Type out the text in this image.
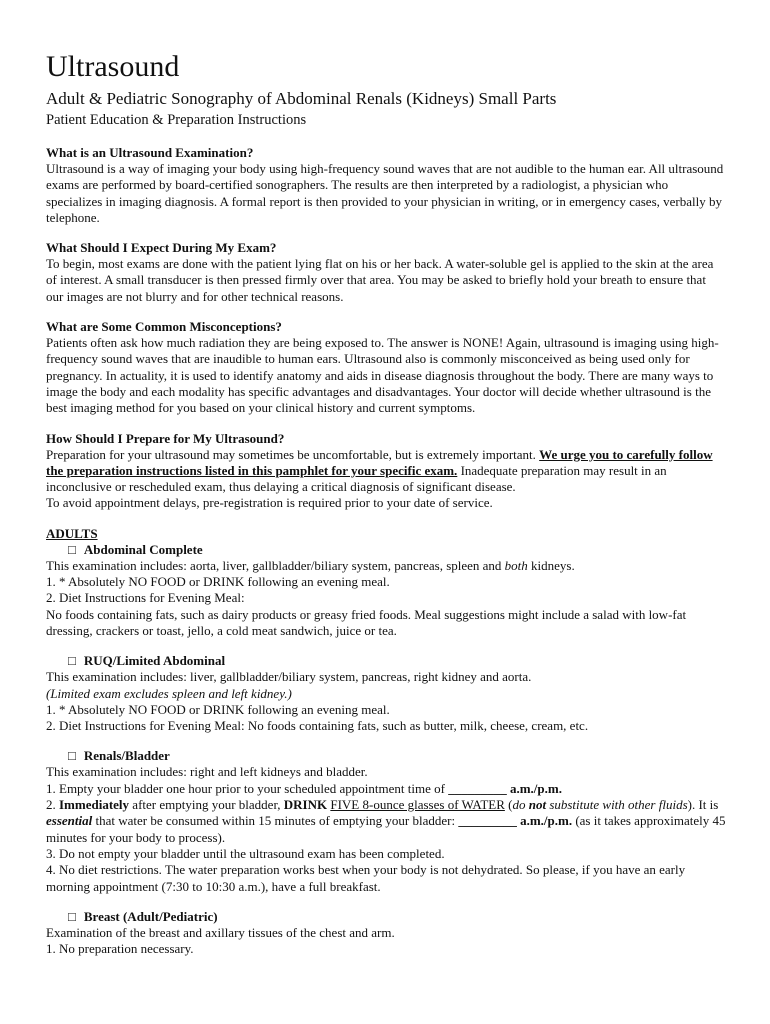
Ultrasound
Adult & Pediatric Sonography of Abdominal Renals (Kidneys) Small Parts
Patient Education & Preparation Instructions
What is an Ultrasound Examination?

Ultrasound is a way of imaging your body using high-frequency sound waves that are not audible to the human ear. All ultrasound exams are performed by board-certified sonographers. The results are then interpreted by a radiologist, a physician who specializes in imaging diagnosis. A formal report is then provided to your physician in writing, or in emergency cases, verbally by telephone.

What Should I Expect During My Exam?

To begin, most exams are done with the patient lying flat on his or her back. A water-soluble gel is applied to the skin at the area of interest. A small transducer is then pressed firmly over that area. You may be asked to briefly hold your breath to ensure that our images are not blurry and for other technical reasons.

What are Some Common Misconceptions?

Patients often ask how much radiation they are being exposed to. The answer is NONE! Again, ultrasound is imaging using high-frequency sound waves that are inaudible to human ears. Ultrasound also is commonly misconceived as being used only for pregnancy. In actuality, it is used to identify anatomy and aids in disease diagnosis throughout the body. There are many ways to image the body and each modality has specific advantages and disadvantages. Your doctor will decide whether ultrasound is the best imaging method for you based on your clinical history and current symptoms.

How Should I Prepare for My Ultrasound?

Preparation for your ultrasound may sometimes be uncomfortable, but is extremely important. We urge you to carefully follow the preparation instructions listed in this pamphlet for your specific exam. Inadequate preparation may result in an inconclusive or rescheduled exam, thus delaying a critical diagnosis of significant disease.

To avoid appointment delays, pre-registration is required prior to your date of service.

ADULTS
□ Abdominal Complete

This examination includes: aorta, liver, gallbladder/biliary system, pancreas, spleen and both kidneys.

1. * Absolutely NO FOOD or DRINK following an evening meal.

2. Diet Instructions for Evening Meal:

No foods containing fats, such as dairy products or greasy fried foods. Meal suggestions might include a salad with low-fat dressing, crackers or toast, jello, a cold meat sandwich, juice or tea.

□ RUQ/Limited Abdominal

This examination includes: liver, gallbladder/biliary system, pancreas, right kidney and aorta.

(Limited exam excludes spleen and left kidney.)

1. * Absolutely NO FOOD or DRINK following an evening meal.

2. Diet Instructions for Evening Meal: No foods containing fats, such as butter, milk, cheese, cream, etc.

□ Renals/Bladder

This examination includes: right and left kidneys and bladder.

1. Empty your bladder one hour prior to your scheduled appointment time of _________ a.m./p.m.

2. Immediately after emptying your bladder, DRINK FIVE 8-ounce glasses of WATER (do not substitute with other fluids). It is essential that water be consumed within 15 minutes of emptying your bladder: _________ a.m./p.m. (as it takes approximately 45 minutes for your body to process).

3. Do not empty your bladder until the ultrasound exam has been completed.

4. No diet restrictions. The water preparation works best when your body is not dehydrated. So please, if you have an early morning appointment (7:30 to 10:30 a.m.), have a full breakfast.

□ Breast (Adult/Pediatric)

Examination of the breast and axillary tissues of the chest and arm.

1. No preparation necessary.
